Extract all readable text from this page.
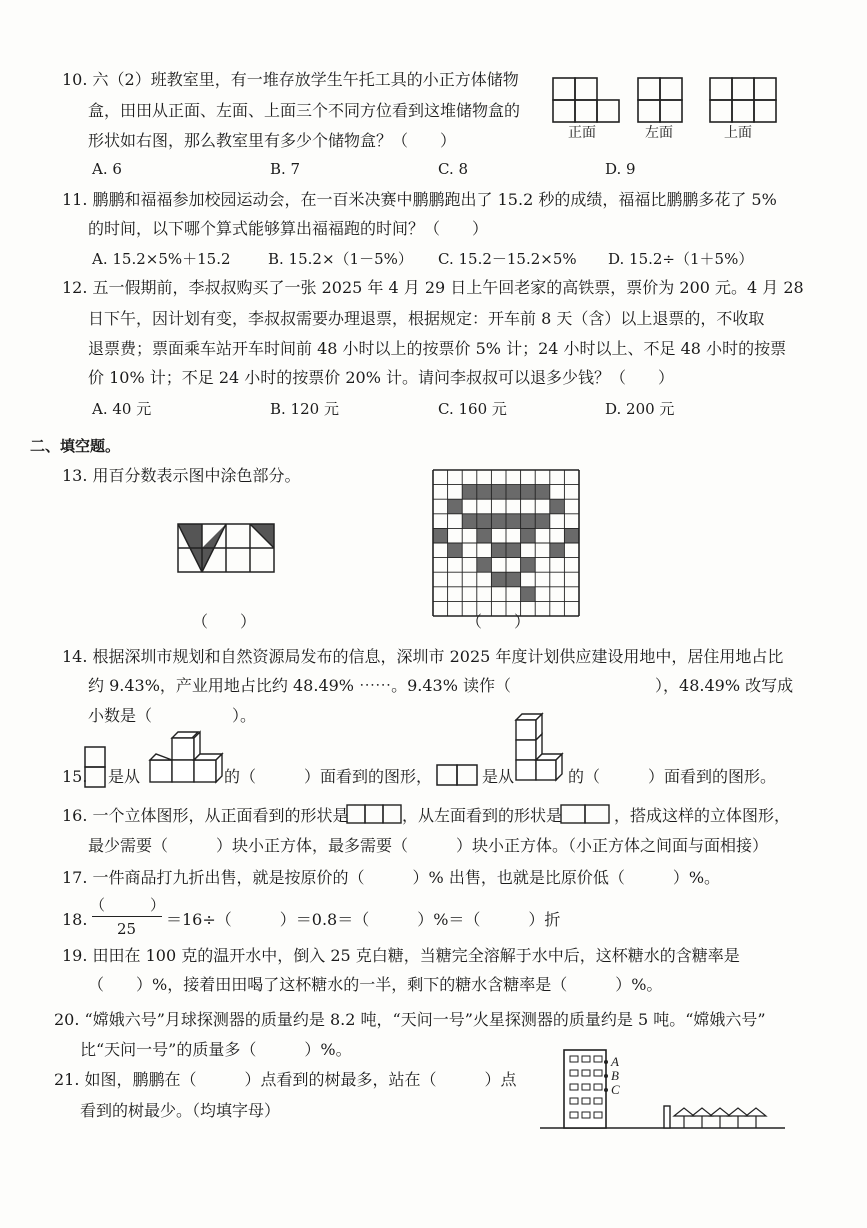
10. 六（2）班教室里，有一堆存放学生午托工具的小正方体储物
盒，田田从正面、左面、上面三个不同方位看到这堆储物盒的
形状如右图，那么教室里有多少个储物盒？（　　）	正面	左面	上面
A. 6	B. 7	C. 8	D. 9
11. 鹏鹏和福福参加校园运动会，在一百米决赛中鹏鹏跑出了 15.2 秒的成绩，福福比鹏鹏多花了 5%
的时间，以下哪个算式能够算出福福跑的时间？（　　）
A. 15.2×5%＋15.2 B. 15.2×（1－5%） C. 15.2－15.2×5% D. 15.2÷（1＋5%）
12. 五一假期前，李叔叔购买了一张 2025 年 4 月 29 日上午回老家的高铁票，票价为 200 元。4 月 28
日下午，因计划有变，李叔叔需要办理退票，根据规定：开车前 8 天（含）以上退票的，不收取
退票费；票面乘车站开车时间前 48 小时以上的按票价 5% 计；24 小时以上、不足 48 小时的按票
价 10% 计；不足 24 小时的按票价 20% 计。请问李叔叔可以退多少钱？（　　）
A. 40 元	B. 120 元	C. 160 元	D. 200 元
二、填空题。
13. 用百分数表示图中涂色部分。
（　　）	（　　）
14. 根据深圳市规划和自然资源局发布的信息，深圳市 2025 年度计划供应建设用地中，居住用地占比
约 9.43%，产业用地占比约 48.49% ⋯⋯。9.43% 读作（　　　　　　　　　），48.49% 改写成
小数是（　　　　　）。
15. 是从	的（　　　）面看到的图形，	是从	的（　　　）面看到的图形。
16. 一个立体图形，从正面看到的形状是	，从左面看到的形状是	，搭成这样的立体图形，
最少需要（　　　）块小正方体，最多需要（　　　）块小正方体。（小正方体之间面与面相接）
17. 一件商品打九折出售，就是按原价的（　　　）% 出售，也就是比原价低（　　　）%。
18.
（　　　）
25 ＝16÷（　　　）＝0.8＝（　　　）%＝（　　　）折
19. 田田在 100 克的温开水中，倒入 25 克白糖，当糖完全溶解于水中后，这杯糖水的含糖率是
（　　）%，接着田田喝了这杯糖水的一半，剩下的糖水含糖率是（　　　）%。
20. “嫦娥六号”月球探测器的质量约是 8.2 吨，“天问一号”火星探测器的质量约是 5 吨。“嫦娥六号”
比“天问一号”的质量多（　　　）%。
21. 如图，鹏鹏在（　　　）点看到的树最多，站在（　　　）点
看到的树最少。（均填字母）
A
B
C
